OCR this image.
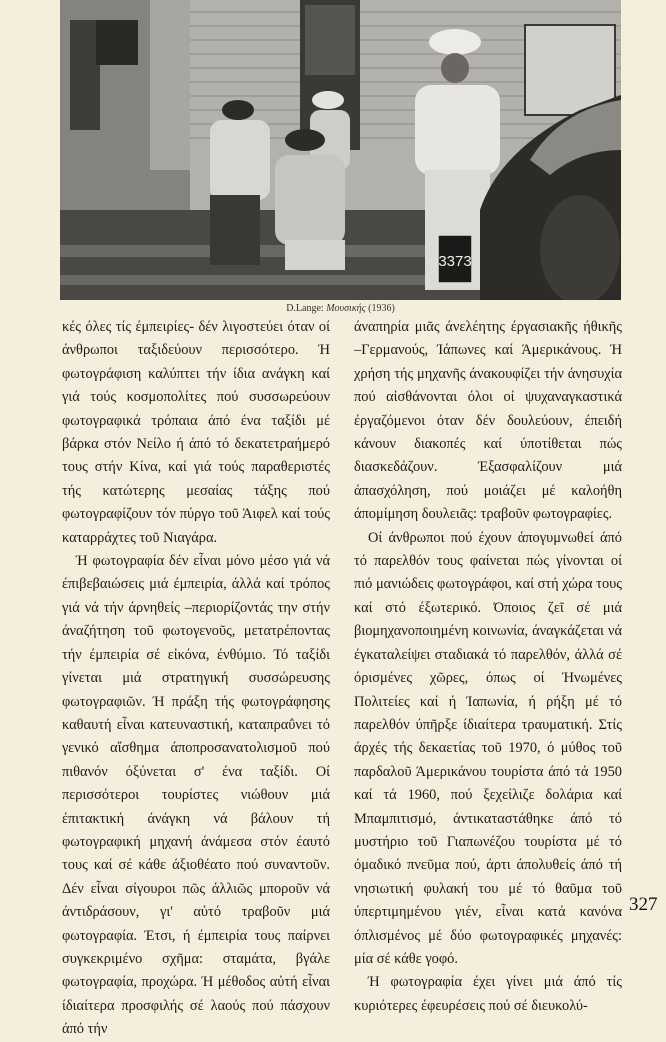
3373
D.Lange: Μουσικής (1936)

κές όλες τίς έμπειρίες- δέν λιγοστεύει όταν οί άνθρωποι ταξιδεύουν περισσότερο. Ή φωτογράφιση καλύπτει τήν ίδια ανάγκη καί γιά τούς κοσμοπολίτες πού συσσωρεύουν φωτογραφικά τρόπαια άπό ένα ταξίδι μέ βάρκα στόν Νείλο ή άπό τό δεκατετραήμερό τους στήν Κίνα, καί γιά τούς παραθεριστές τής κατώτερης μεσαίας τάξης πού φωτογραφίζουν τόν πύργο τοῦ Άιφελ καί τούς καταρράχτες τοῦ Νιαγάρα.

Ή φωτογραφία δέν εἶναι μόνο μέσο γιά νά έπιβεβαιώσεις μιά έμπειρία, άλλά καί τρόπος γιά νά τήν άρνηθείς –περιορίζοντάς την στήν άναζήτηση τοῦ φωτογενοῦς, μετατρέποντας τήν έμπειρία σέ εἰκόνα, ένθύμιο. Τό ταξίδι γίνεται μιά στρατηγική συσσώρευσης φωτογραφιῶν. Ή πράξη τής φωτογράφησης καθαυτή εἶναι κατευναστική, καταπραΰνει τό γενικό αἴσθημα άποπροσανατολισμοῦ πού πιθανόν όξύνεται σ' ένα ταξίδι. Οί περισσότεροι τουρίστες νιώθουν μιά έπιτακτική άνάγκη νά βάλουν τή φωτογραφική μηχανή άνάμεσα στόν έαυτό τους καί σέ κάθε άξιοθέατο πού συναντοῦν. Δέν εἶναι σίγουροι πῶς άλλιῶς μποροῦν νά άντιδράσουν, γι' αὐτό τραβοῦν μιά φωτογραφία. Έτσι, ή έμπειρία τους παίρνει συγκεκριμένο σχῆμα: σταμάτα, βγάλε φωτογραφία, προχώρα. Ή μέθοδος αὐτή εἶναι ίδιαίτερα προσφιλής σέ λαούς πού πάσχουν άπό τήν

άναπηρία μιᾶς άνελέητης έργασιακῆς ήθικῆς –Γερμανούς, Ίάπωνες καί Άμερικάνους. Ή χρήση τής μηχανῆς άνακουφίζει τήν άνησυχία πού αἰσθάνονται όλοι οί ψυχαναγκαστικά έργαζόμενοι όταν δέν δουλεύουν, έπειδή κάνουν διακοπές καί ύποτίθεται πώς διασκεδάζουν. Έξασφαλίζουν μιά άπασχόληση, πού μοιάζει μέ καλοήθη άπομίμηση δουλειᾶς: τραβοῦν φωτογραφίες.

Οί άνθρωποι πού έχουν άπογυμνωθεί άπό τό παρελθόν τους φαίνεται πώς γίνονται οί πιό μανιώδεις φωτογράφοι, καί στή χώρα τους καί στό έξωτερικό. Όποιος ζεῖ σέ μιά βιομηχανοποιημένη κοινωνία, άναγκάζεται νά έγκαταλείψει σταδιακά τό παρελθόν, άλλά σέ όρισμένες χῶρες, όπως οί Ήνωμένες Πολιτείες καί ή Ίαπωνία, ή ρήξη μέ τό παρελθόν ύπῆρξε ίδιαίτερα τραυματική. Στίς άρχές τής δεκαετίας τοῦ 1970, ό μύθος τοῦ παρδαλοῦ Άμερικάνου τουρίστα άπό τά 1950 καί τά 1960, πού ξεχείλιζε δολάρια καί Μπαμπιτισμό, άντικαταστάθηκε άπό τό μυστήριο τοῦ Γιαπωνέζου τουρίστα μέ τό όμαδικό πνεῦμα πού, άρτι άπολυθείς άπό τή νησιωτική φυλακή του μέ τό θαῦμα τοῦ ύπερτιμημένου γιέν, εἶναι κατά κανόνα όπλισμένος μέ δύο φωτογραφικές μηχανές: μία σέ κάθε γοφό.

Ή φωτογραφία έχει γίνει μιά άπό τίς κυριότερες έφευρέσεις πού σέ διευκολύ-

327
